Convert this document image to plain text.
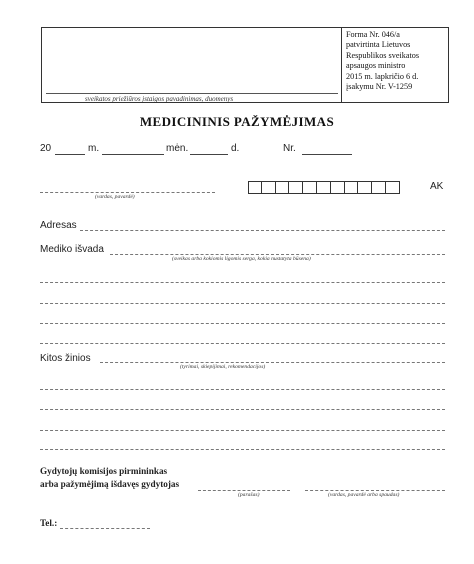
Forma Nr. 046/a
patvirtinta Lietuvos
Respublikos sveikatos
apsaugos ministro
2015 m. lapkričio 6 d.
įsakymu Nr. V-1259
sveikatos priežiūros įstaigos pavadinimas, duomenys
MEDICININIS PAŽYMĖJIMAS
20	m.	mėn.	d.	Nr.
(vardas, pavardė)
AK
Adresas
Mediko išvada
(sveikas arba kokiomis ligomis serga, kokia nustatyta būsena)
Kitos žinios
(tyrimai, skiepijimai, rekomendacijos)
Gydytojų komisijos pirmininkas
arba pažymėjimą išdavęs gydytojas
(parašas)	(vardas, pavardė arba spaudas)
Tel.:
